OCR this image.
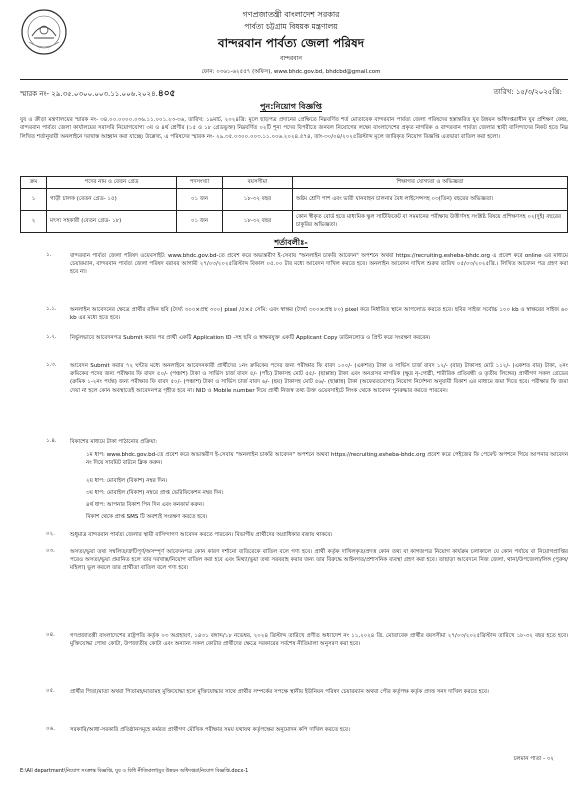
গণপ্রজাতন্ত্রী বাংলাদেশ সরকার
পার্বত্য চট্টগ্রাম বিষয়ক মন্ত্রণালয়
বান্দরবান পার্বত্য জেলা পরিষদ
বান্দরবান
ফোন: ০৩৬১-৬২৫৫৭ (অফিস), www.bhdc.gov.bd, bhdcbd@gmail.com
স্মারক নং- ২৯.৩৫.০৩০০.০০৩.১১.০০৬.২০২৪.৪০৫	তারিখ: ১৫/৩/২০২৫খ্রি:
পুন:নিয়োগ বিজ্ঞপ্তি
যুব ও ক্রীড়া মন্ত্রণালয়ের স্মারক নং- ৩৪.০০.০০০০.০৩৬.১১.০০১.২৩-৩৬, তারিখ: ১৯মার্চ, ২০২৪খ্রি: মূলে ছাড়পত্র প্রদানের প্রেক্ষিতে নিম্নবর্ণিত শর্ত মোতাবেক বান্দরবান পার্বত্য জেলা পরিষদের হস্তান্তরিত যুব উন্নয়ন অধিদপ্তরাধীন যুব প্রশিক্ষণ কেন্দ্র, বান্দরবান পার্বত্য জেলা কার্যালয়ের সরাসরি নিয়োগযোগ্য ৩য় ও ৪র্থ শ্রেণীর (১৫ ও ১৮ গ্রেডভুক্ত) নিম্নবর্ণিত ০২টি শূন্য পদের বিপরীতে জনবল নিয়োগের লক্ষ্যে বাংলাদেশের প্রকৃত নাগরিক ও বান্দরবান পার্বত্য জেলার স্থায়ী বাসিন্দাদের নিকট হতে নিম্ন লিখিত শর্তানুযায়ী অনলাইনে দরখাস্ত আহ্বান করা যাচ্ছে। উল্লেখ্য, এ পরিষদের স্মারক নং- ২৯.৩৫.০৩০০.০০৩.১১.০০৬.২০২৪.৫৭৪, তাং-৩০/০৪/২০২৫খ্রিস্টাব্দ মূলে জারিকৃত নিয়োগ বিজ্ঞপ্তি এতদ্বারা বাতিল করা হলো।
ক্রম	পদের নাম ও বেতন গ্রেড	পদসংখ্যা	বয়সসীমা	শিক্ষাগত যোগ্যতা ও অভিজ্ঞতা
১	গাড়ী চালক (বেতন গ্রেড- ১৫)	০১ জন	১৮-৩২ বছর	অষ্টম শ্রেণি পাশ এবং ভারী যানবাহন চালনার বৈধ লাইসেন্সসহ ০৩(তিন) বছরের অভিজ্ঞতা।
২	মৎস্য সহকারী (বেতন গ্রেড- ১৮)	০১ জন	১৮-৩২ বছর	কোন স্বীকৃত বোর্ড হতে মাধ্যমিক স্কুল সার্টিফিকেট বা সমমানের পরীক্ষায় উত্তীর্ণসহ সংশ্লিষ্ট বিষয়ে প্রশিক্ষণসহ ০২(দুই) বছরের চাকুরির অভিজ্ঞতা।
শর্তাবলীঃ-
১.	বান্দরবান পার্বত্য জেলা পরিষদ ওয়েবসাইট: www.bhdc.gov.bd-তে প্রবেশ করে অভ্যন্তরীণ ই-সেবায় "অনলাইন চাকরি আবেদন" অপশনে অথবা https://recruiting.esheba-bhdc.org এ প্রবেশ করে online এর মাধ্যমে চেয়ারম্যান, বান্দরবান পার্বত্য জেলা পরিষদ বরাবর আগামী ২৭/০৩/২০২৫খ্রিস্টাব্দ বিকাল ০৫.০০ টার মধ্যে আবেদন দাখিল করতে হবে। অনলাইন আবেদন দাখিল শুরুর তারিখ ০৫/০৩/২০২৫খ্রি.। লিখিত আবেদন পত্র গ্রহণ করা হবে না।
১.১. অনলাইন আবেদনের ক্ষেত্রে প্রার্থীর রঙ্গিন ছবি (দৈর্ঘ্য ৩০০×প্রস্থ ৩০০) pixel /৫×৫ সেমি: এবং স্বাক্ষর (দৈর্ঘ্য ৩০০×প্রস্থ ৮০) pixel করে নির্ধারিত স্থানে আপলোড করতে হবে। ছবির সাইজ সর্বোচ্চ ১০০ kb ও স্বাক্ষরের সাইজ ৬০ kb এর মধ্যে হতে হবে।
১.২. নির্ভুলভাবে আবেদনপত্র Submit করার পর প্রার্থী একটি Application ID -সহ ছবি ও স্বাক্ষরযুক্ত একটি Applicant Copy ডাউনলোড ও প্রিন্ট করে সংরক্ষণ করবেন।
১.৩. আবেদন Submit করার ৭২ ঘন্টার মধ্যে অনলাইনে আবেদনকারী প্রার্থীদের ১নং ক্রমিকের পদের জন্য পরীক্ষার ফি বাবদ ১০০/- (একশত) টাকা ও সার্ভিস চার্জ বাবদ ১২/- (বার) টাকাসহ মোট ১১২/- (একশত বার) টাকা, ২নং ক্রমিকের পদের জন্য পরীক্ষার ফি বাবদ ৫০/- (পঞ্চাশ) টাকা ও সার্ভিস চার্জ বাবদ ৫/- (পাঁচ) টাকাসহ মোট ৫৫/- (ছাপ্পান্ন) টাকা এবং অনগ্রসর নাগরিক (ক্ষুদ্র নৃ-গোষ্ঠী, শারীরিক প্রতিবন্ধী ও তৃতীয় লিঙ্গের) প্রার্থীগণ সকল গ্রেডের (ক্রমিক ১-২নং পর্যন্ত) জন্য পরীক্ষার ফি বাবদ ৫০/- (পঞ্চাশ) টাকা ও সার্ভিস চার্জ বাবদ ৬/- (ছয়) টাকাসহ মোট ৫৬/- (ছাপ্পান্ন) টাকা (অফেরতযোগ্য) নিয়োগ নির্দেশনা অনুযায়ী বিকাশ এর মাধ্যমে জমা দিতে হবে। পরীক্ষার ফি জমা দেয়া না হলে কোন অবস্থাতেই আবেদনপত্র গৃহীত হবে না। NID ও Mobile number দিয়ে প্রার্থী নিজস্ব তথ্য উক্ত ওয়েবসাইটে লিংক থেকে আবেদন পুনরুদ্ধার করতে পারবেন।
১.৪. বিকাশের মাধ্যমে টাকা পাঠানোর প্রক্রিয়া:
১ম ধাপ: www.bhdc.gov.bd-তে প্রবেশ করে অভ্যন্তরীণ ই-সেবায় "অনলাইন চাকরি আবেদন" অপশনে অথবা https://recruiting.esheba-bhdc.org প্রবেশ করে পেইজের ফি পেমেন্ট অপশনে গিয়ে আপনার আবেদন নং দিয়ে সাবমিট বাটনে ক্লিক করুন।
২য় ধাপ: মোবাইল (বিকাশ) নম্বর দিন।
৩য় ধাপ: মোবাইল (বিকাশ) নম্বরে প্রাপ্ত ভেরিফিকেশন নম্বর দিন।
৪র্থ ধাপ: আপনার বিকাশ পিন দিন এবং কনফার্ম করুন।
বিকাশ থেকে প্রাপ্ত SMS টি অবশ্যই সংরক্ষণ করতে হবে।
০২.	শুধুমাত্র বান্দরবান পার্বত্য জেলার স্থায়ী বাসিন্দাগণ আবেদন করতে পারবেন। বিভাগীয় প্রার্থীদের অগ্রাধিকার বজায় থাকবে।
০৩.	অসত্য/ভুয়া তথ্য সম্বলিত/ত্রুটিপূর্ণ/অসম্পূর্ণ আবেদনপত্র কোন কারণ দর্শানো ব্যতিরেকে বাতিল বলে গণ্য হবে। প্রার্থী কর্তৃক দাখিলকৃত/প্রদত্ত কোন তথ্য বা কাগজপত্র নিয়োগ কার্যক্রম চলাকালে যে কোন পর্যায়ে বা নিয়োগপ্রাপ্তির পরেও অসত্য/ভুয়া প্রমানিত হলে তার দরখাস্ত/নিয়োগ বাতিল করা হবে এবং মিথ্যা/ভুয়া তথ্য সরবরাহ করার জন্য তার বিরুদ্ধে আইনগত/প্রশাসনিক ব্যবস্থা গ্রহণ করা হবে। তাছাড়া আবেদনে নিজ জেলা, থানা/উপজেলা/লিঙ্গ (পুরুষ/মহিলা) ভুল করলে তার প্রার্থীতা বাতিল বলে গণ্য হবে।
০৪.	গণপ্রজাতন্ত্রী বাংলাদেশের রাষ্ট্রপতি কর্তৃক ০৩ অগ্রহায়ণ, ১৪৩১ বঙ্গাব্দ/১৮ নভেম্বর, ২০২৪ খ্রিস্টাব্দ তারিখে প্রণীত অধ্যাদেশ নং ১১,২০২৪ খ্রি. মোতাবেক প্রার্থীর বয়সসীমা ২৭/০৩/২০২৫খ্রিস্টাব্দ তারিখে ১৮-৩২ বছর হতে হবে। মুক্তিযোদ্ধা পোষ্য কোটা, উপজাতীয় কোটা এবং অন্যান্য সকল কোটার প্রার্থীদের ক্ষেত্রে সরকারের সর্বশেষ নীতিমালা অনুসরণ করা হবে।
০৫.	প্রার্থীর পিতা/মাতা অথবা পিতামহ/মাতামহ মুক্তিযোদ্ধা হলে মুক্তিযোদ্ধার সাথে প্রার্থীর সম্পর্কের সপক্ষে স্থানীয় ইউনিয়ন পরিষদ চেয়ারম্যান অথবা পৌর কর্তৃপক্ষ কর্তৃক প্রদত্ত সনদ দাখিল করতে হবে।
০৬.	সরকারি/আধা-সরকারি প্রতিষ্ঠানসমূহে কর্মরত প্রার্থীগণ মৌখিক পরীক্ষার সময় যথাযথ কর্তৃপক্ষের অনুমোদন কপি দাখিল করতে হবে।
চলমান পাতা - ০২
E:\All department\নিয়োগ সংক্রান্ত বিজ্ঞপ্তি, যুব ও বিধি নীতিমালা\যুব উন্নয়ন অধিদপ্তর\নিয়োগ বিজ্ঞপ্তি.docx-1
